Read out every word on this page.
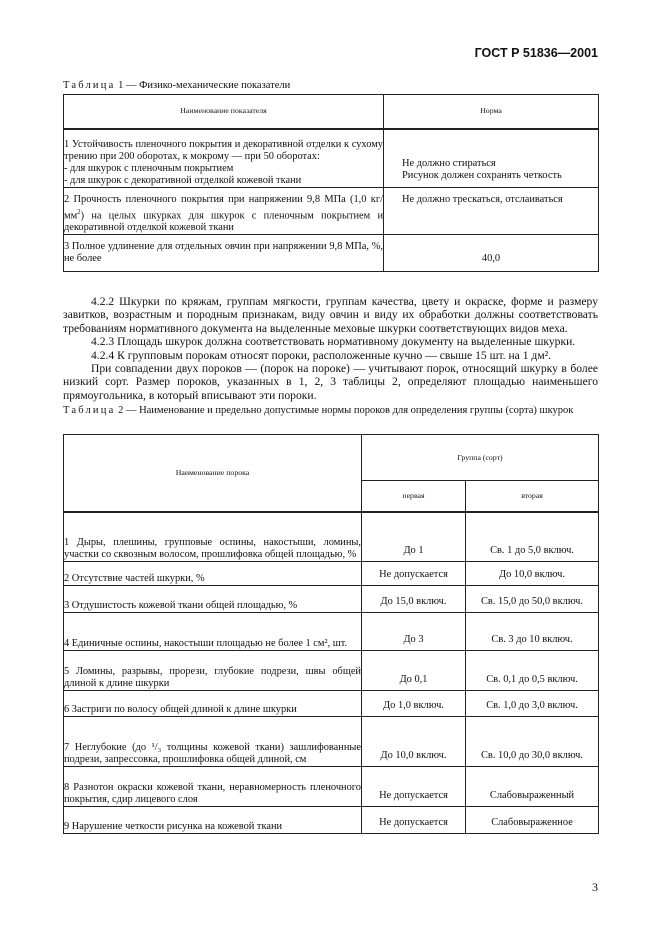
ГОСТ Р 51836—2001
Таблица 1 — Физико-механические показатели
Наименование показателя	Норма

1 Устойчивость пленочного покрытия и декоративной отделки к сухому трению при 200 оборотах, к мокрому — при 50 оборотах:
- для шкурок с пленочным покрытием
- для шкурок с декоративной отделкой кожевой ткани	Не должно стираться
Рисунок должен сохранять четкость

2 Прочность пленочного покрытия при напряжении 9,8 МПа (1,0 $кг/мм^2$) на целых шкурках для шкурок с пленочным покрытием и декоративной отделкой кожевой ткани	Не должно трескаться, отслаиваться
3 Полное удлинение для отдельных овчин при напряжении 9,8 МПа, %, не более	40,0

4.2.2 Шкурки по кряжам, группам мягкости, группам качества, цвету и окраске, форме и размеру завитков, возрастным и породным признакам, виду овчин и виду их обработки должны соответствовать требованиям нормативного документа на выделенные меховые шкурки соответствующих видов меха.

4.2.3 Площадь шкурок должна соответствовать нормативному документу на выделенные шкурки.

4.2.4 К групповым порокам относят пороки, расположенные кучно — свыше 15 шт. на 1 дм².

При совпадении двух пороков — (порок на пороке) — учитывают порок, относящий шкурку в более низкий сорт. Размер пороков, указанных в 1, 2, 3 таблицы 2, определяют площадью наименьшего прямоугольника, в который вписывают эти пороки.

Таблица 2 — Наименование и предельно допустимые нормы пороков для определения группы (сорта) шкурок
Наименование порока	Группа (сорт)	
	первая	вторая
1 Дыры, плешины, групповые оспины, накостыши, ломины, участки со сквозным волосом, прошлифовка общей площадью, %	До 1	Св. 1 до 5,0 включ.
2 Отсутствие частей шкурки, %	Не допускается	До 10,0 включ.
3 Отдушистость кожевой ткани общей площадью, %	До 15,0 включ.	Св. 15,0 до 50,0 включ.
4 Единичные оспины, накостыши площадью не более 1 см², шт.	До 3	Св. 3 до 10 включ.
5 Ломины, разрывы, прорези, глубокие подрези, швы общей длиной к длине шкурки	До 0,1	Св. 0,1 до 0,5 включ.
6 Застриги по волосу общей длиной к длине шкурки	До 1,0 включ.	Св. 1,0 до 3,0 включ.
7 Неглубокие (до ¹/₃ толщины кожевой ткани) зашлифованные подрези, запрессовка, прошлифовка общей длиной, см	До 10,0 включ.	Св. 10,0 до 30,0 включ.
8 Разнотон окраски кожевой ткани, неравномерность пленочного покрытия, сдир лицевого слоя	Не допускается	Слабовыраженный
9 Нарушение четкости рисунка на кожевой ткани	Не допускается	Слабовыраженное
3
